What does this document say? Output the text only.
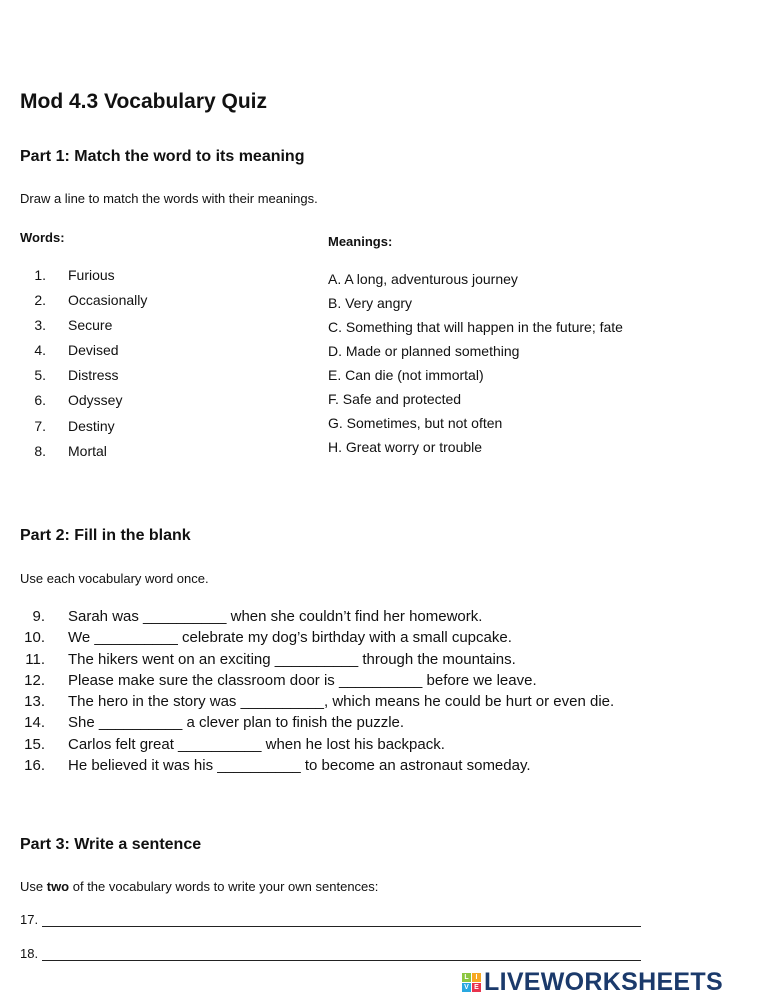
Mod 4.3 Vocabulary Quiz
Part 1: Match the word to its meaning
Draw a line to match the words with their meanings.
Words:	Meanings:
1. Furious
2. Occasionally
3. Secure
4. Devised
5. Distress
6. Odyssey
7. Destiny
8. Mortal
A. A long, adventurous journey
B. Very angry
C. Something that will happen in the future; fate
D. Made or planned something
E. Can die (not immortal)
F. Safe and protected
G. Sometimes, but not often
H. Great worry or trouble
Part 2: Fill in the blank
Use each vocabulary word once.
9. Sarah was __________ when she couldn’t find her homework.
10. We __________ celebrate my dog’s birthday with a small cupcake.
11. The hikers went on an exciting __________ through the mountains.
12. Please make sure the classroom door is __________ before we leave.
13. The hero in the story was __________, which means he could be hurt or even die.
14. She __________ a clever plan to finish the puzzle.
15. Carlos felt great __________ when he lost his backpack.
16. He believed it was his __________ to become an astronaut someday.
Part 3: Write a sentence
Use two of the vocabulary words to write your own sentences:
17.
18.
L I
V E LIVEWORKSHEETS
